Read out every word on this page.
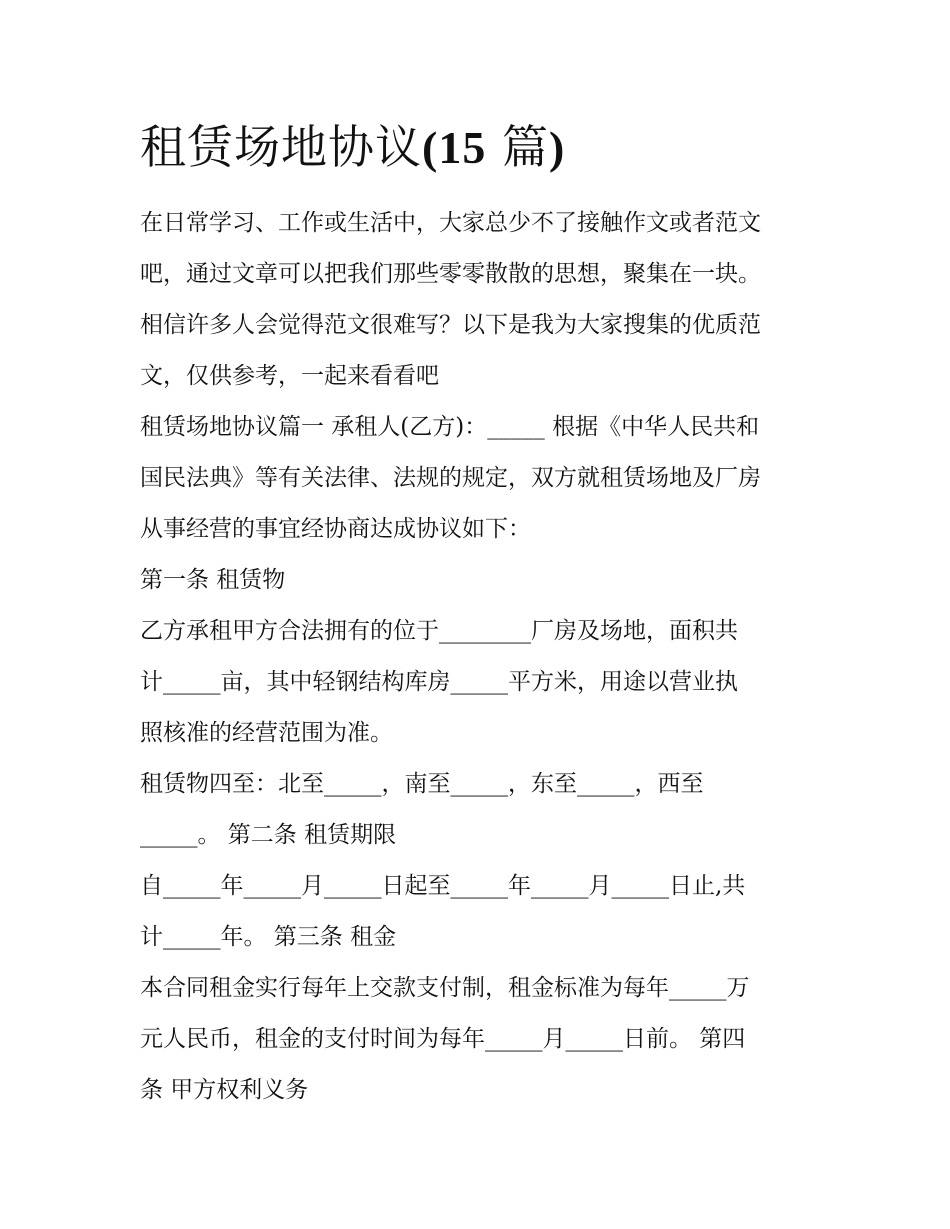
租赁场地协议(15 篇)
在日常学习、工作或生活中，大家总少不了接触作文或者范文
吧，通过文章可以把我们那些零零散散的思想，聚集在一块。
相信许多人会觉得范文很难写？以下是我为大家搜集的优质范
文，仅供参考，一起来看看吧
租赁场地协议篇一 承租人(乙方)：_____ 根据《中华人民共和
国民法典》等有关法律、法规的规定，双方就租赁场地及厂房
从事经营的事宜经协商达成协议如下：
第一条 租赁物
乙方承租甲方合法拥有的位于________厂房及场地，面积共
计_____亩，其中轻钢结构库房_____平方米，用途以营业执
照核准的经营范围为准。
租赁物四至：北至_____，南至_____，东至_____，西至
_____。 第二条 租赁期限
自_____年_____月_____日起至_____年_____月_____日止,共
计_____年。 第三条 租金
本合同租金实行每年上交款支付制，租金标准为每年_____万
元人民币，租金的支付时间为每年_____月_____日前。 第四
条 甲方权利义务
